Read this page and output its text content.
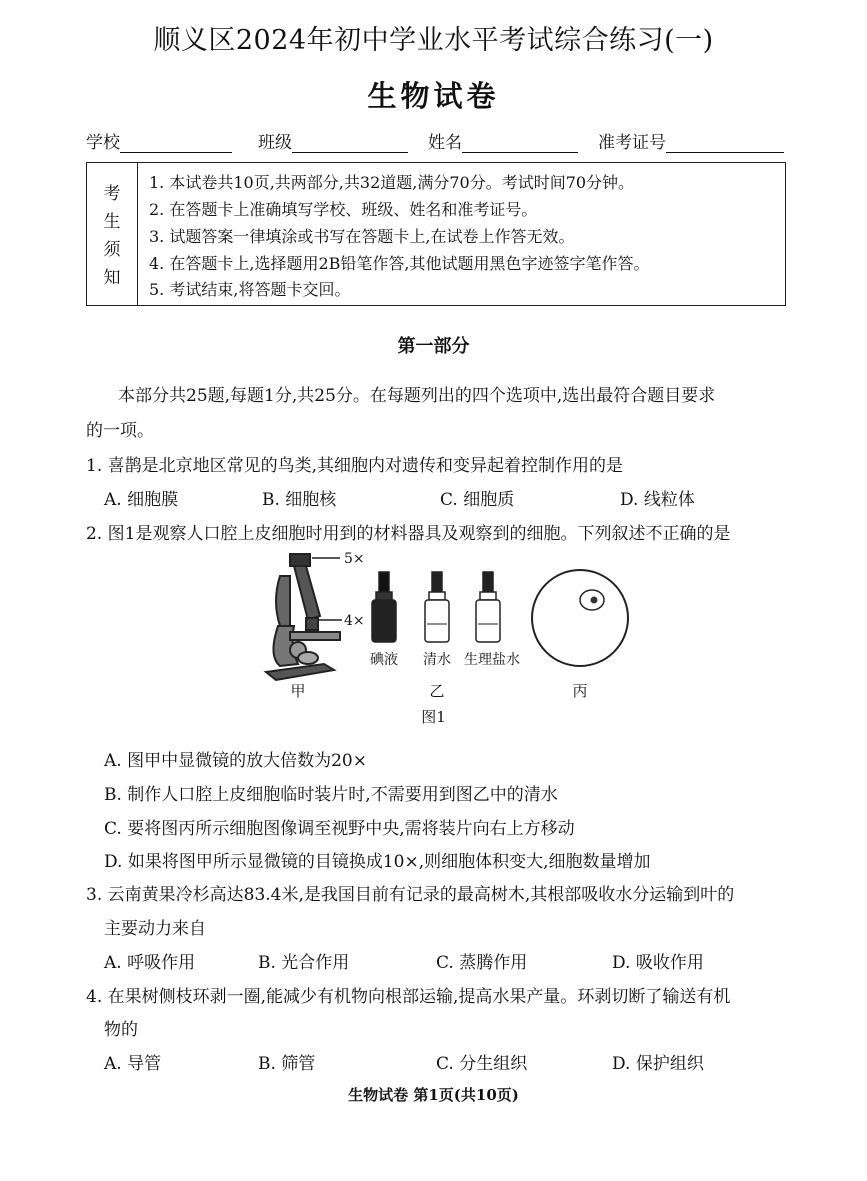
顺义区2024年初中学业水平考试综合练习(一)
生物试卷
学校	班级	姓名	准考证号
考
生
须
知
1. 本试卷共10页,共两部分,共32道题,满分70分。考试时间70分钟。
2. 在答题卡上准确填写学校、班级、姓名和准考证号。
3. 试题答案一律填涂或书写在答题卡上,在试卷上作答无效。
4. 在答题卡上,选择题用2B铅笔作答,其他试题用黑色字迹签字笔作答。
5. 考试结束,将答题卡交回。
第一部分
本部分共25题,每题1分,共25分。在每题列出的四个选项中,选出最符合题目要求
的一项。
1. 喜鹊是北京地区常见的鸟类,其细胞内对遗传和变异起着控制作用的是
A. 细胞膜	B. 细胞核	C. 细胞质	D. 线粒体
2. 图1是观察人口腔上皮细胞时用到的材料器具及观察到的细胞。下列叙述不正确的是
5×
4×
碘液 清水 生理盐水
甲	乙	丙
图1
A. 图甲中显微镜的放大倍数为20×
B. 制作人口腔上皮细胞临时装片时,不需要用到图乙中的清水
C. 要将图丙所示细胞图像调至视野中央,需将装片向右上方移动
D. 如果将图甲所示显微镜的目镜换成10×,则细胞体积变大,细胞数量增加
3. 云南黄果冷杉高达83.4米,是我国目前有记录的最高树木,其根部吸收水分运输到叶的
主要动力来自
A. 呼吸作用	B. 光合作用	C. 蒸腾作用	D. 吸收作用
4. 在果树侧枝环剥一圈,能减少有机物向根部运输,提高水果产量。环剥切断了输送有机
物的
A. 导管	B. 筛管	C. 分生组织	D. 保护组织
生物试卷 第1页(共10页)
